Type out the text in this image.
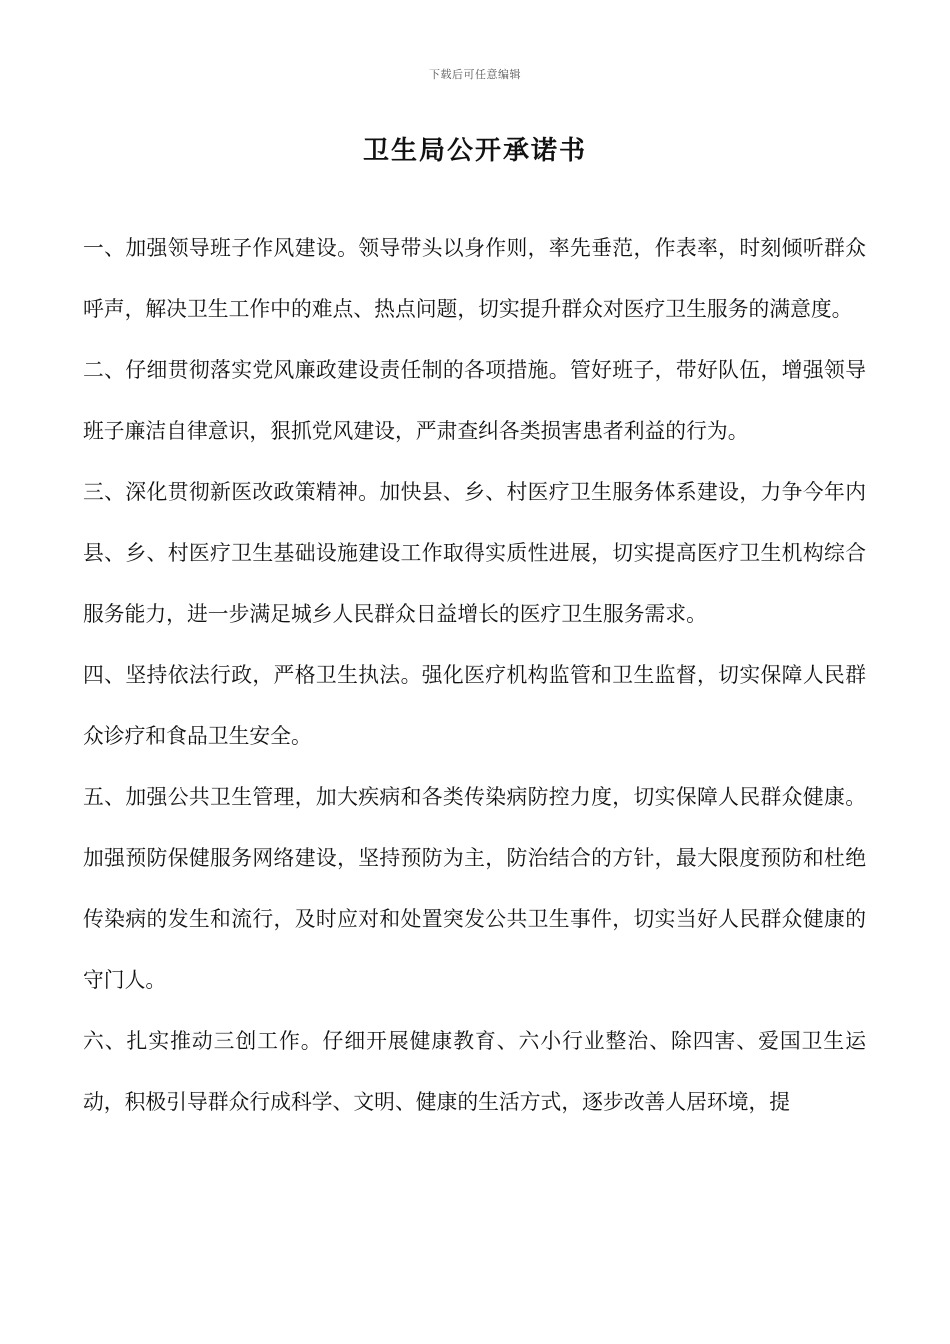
下载后可任意编辑
卫生局公开承诺书

一、加强领导班子作风建设。领导带头以身作则，率先垂范，作表率，时刻倾听群众呼声，解决卫生工作中的难点、热点问题，切实提升群众对医疗卫生服务的满意度。

二、仔细贯彻落实党风廉政建设责任制的各项措施。管好班子，带好队伍，增强领导班子廉洁自律意识，狠抓党风建设，严肃查纠各类损害患者利益的行为。

三、深化贯彻新医改政策精神。加快县、乡、村医疗卫生服务体系建设，力争今年内县、乡、村医疗卫生基础设施建设工作取得实质性进展，切实提高医疗卫生机构综合服务能力，进一步满足城乡人民群众日益增长的医疗卫生服务需求。

四、坚持依法行政，严格卫生执法。强化医疗机构监管和卫生监督，切实保障人民群众诊疗和食品卫生安全。

五、加强公共卫生管理，加大疾病和各类传染病防控力度，切实保障人民群众健康。加强预防保健服务网络建设，坚持预防为主，防治结合的方针，最大限度预防和杜绝传染病的发生和流行，及时应对和处置突发公共卫生事件，切实当好人民群众健康的守门人。

六、扎实推动三创工作。仔细开展健康教育、六小行业整治、除四害、爱国卫生运动，积极引导群众行成科学、文明、健康的生活方式，逐步改善人居环境，提
